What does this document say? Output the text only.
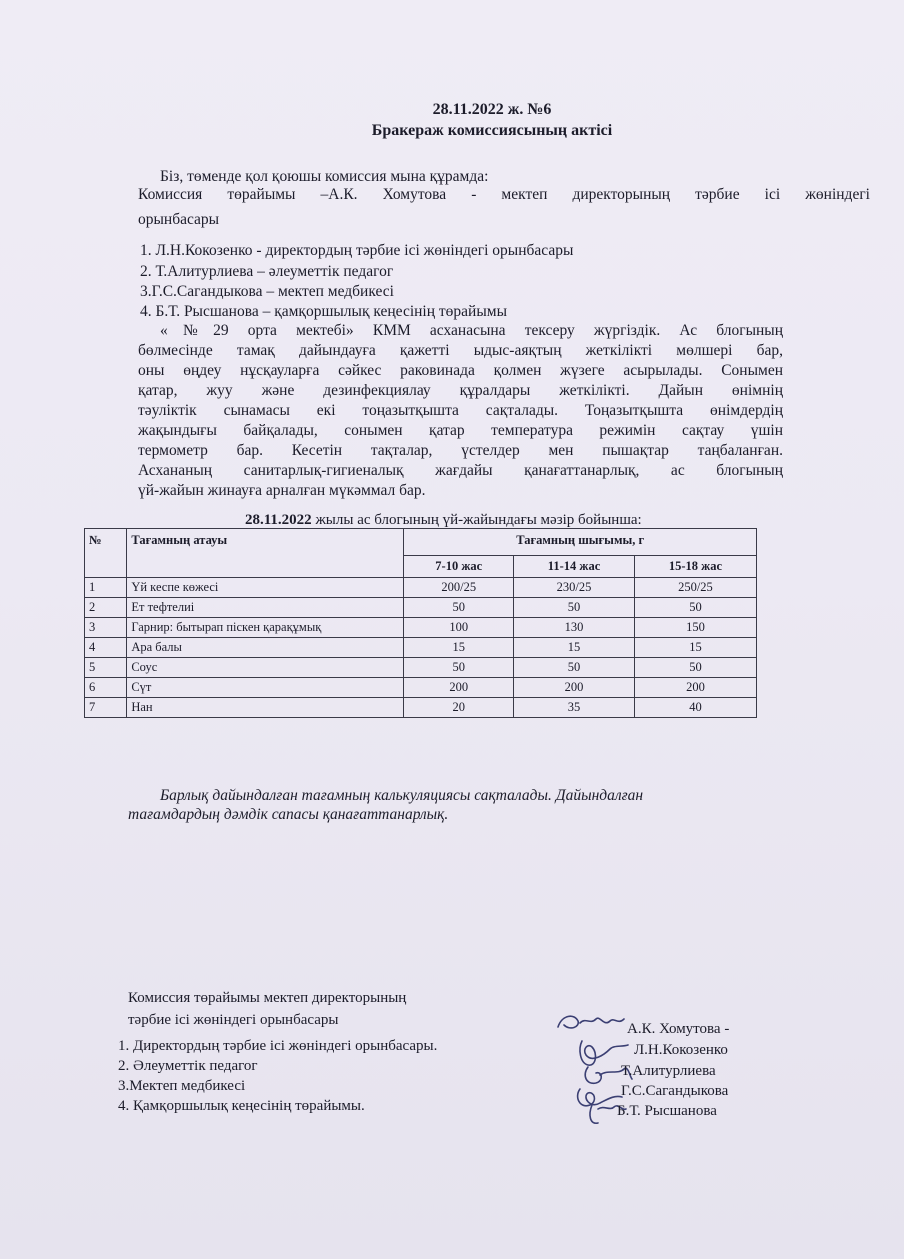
28.11.2022 ж. №6
Бракераж комиссиясының актісі
Біз, төменде қол қоюшы комиссия мына құрамда:
Комиссия төрайымы –А.К. Хомутова - мектеп директорының тәрбие ісі жөніндегі
орынбасары
1. Л.Н.Кокозенко - директордың тәрбие ісі жөніндегі орынбасары
2. Т.Алитурлиева – әлеуметтік педагог
3.Г.С.Сагандыкова – мектеп медбикесі
4. Б.Т. Рысшанова – қамқоршылық кеңесінің төрайымы
«№29 орта мектебі» КММ асханасына тексеру жүргіздік. Ас блогының
бөлмесінде тамақ дайындауға қажетті ыдыс-аяқтың жеткілікті мөлшері бар,
оны өңдеу нұсқауларға сәйкес раковинада қолмен жүзеге асырылады. Сонымен
қатар, жуу және дезинфекциялау құралдары жеткілікті. Дайын өнімнің
тәуліктік сынамасы екі тоңазытқышта сақталады. Тоңазытқышта өнімдердің
жақындығы байқалады, сонымен қатар температура режимін сақтау үшін
термометр бар. Кесетін тақталар, үстелдер мен пышақтар таңбаланған.
Асхананың санитарлық-гигиеналық жағдайы қанағаттанарлық, ас блогының
үй-жайын жинауға арналған мүкәммал бар.
28.11.2022 жылы ас блогының үй-жайындағы мәзір бойынша:
№	Тағамның атауы	Тағамның шығымы, г		
		7-10 жас	11-14 жас	15-18 жас
1	Үй кеспе көжесі	200/25	230/25	250/25
2	Ет тефтелиі	50	50	50
3	Гарнир: бытырап піскен қарақұмық	100	130	150
4	Ара балы	15	15	15
5	Соус	50	50	50
6	Сүт	200	200	200
7	Нан	20	35	40
Барлық дайындалған тағамның калькуляциясы сақталады. Дайындалған
тағамдардың дәмдік сапасы қанағаттанарлық.
Комиссия төрайымы мектеп директорының
тәрбие ісі жөніндегі орынбасары
1. Директордың тәрбие ісі жөніндегі орынбасары.
2. Әлеуметтік педагог
3.Мектеп медбикесі
4. Қамқоршылық кеңесінің төрайымы.
А.К. Хомутова -
Л.Н.Кокозенко
Т.Алитурлиева
Г.С.Сагандыкова
Б.Т. Рысшанова
